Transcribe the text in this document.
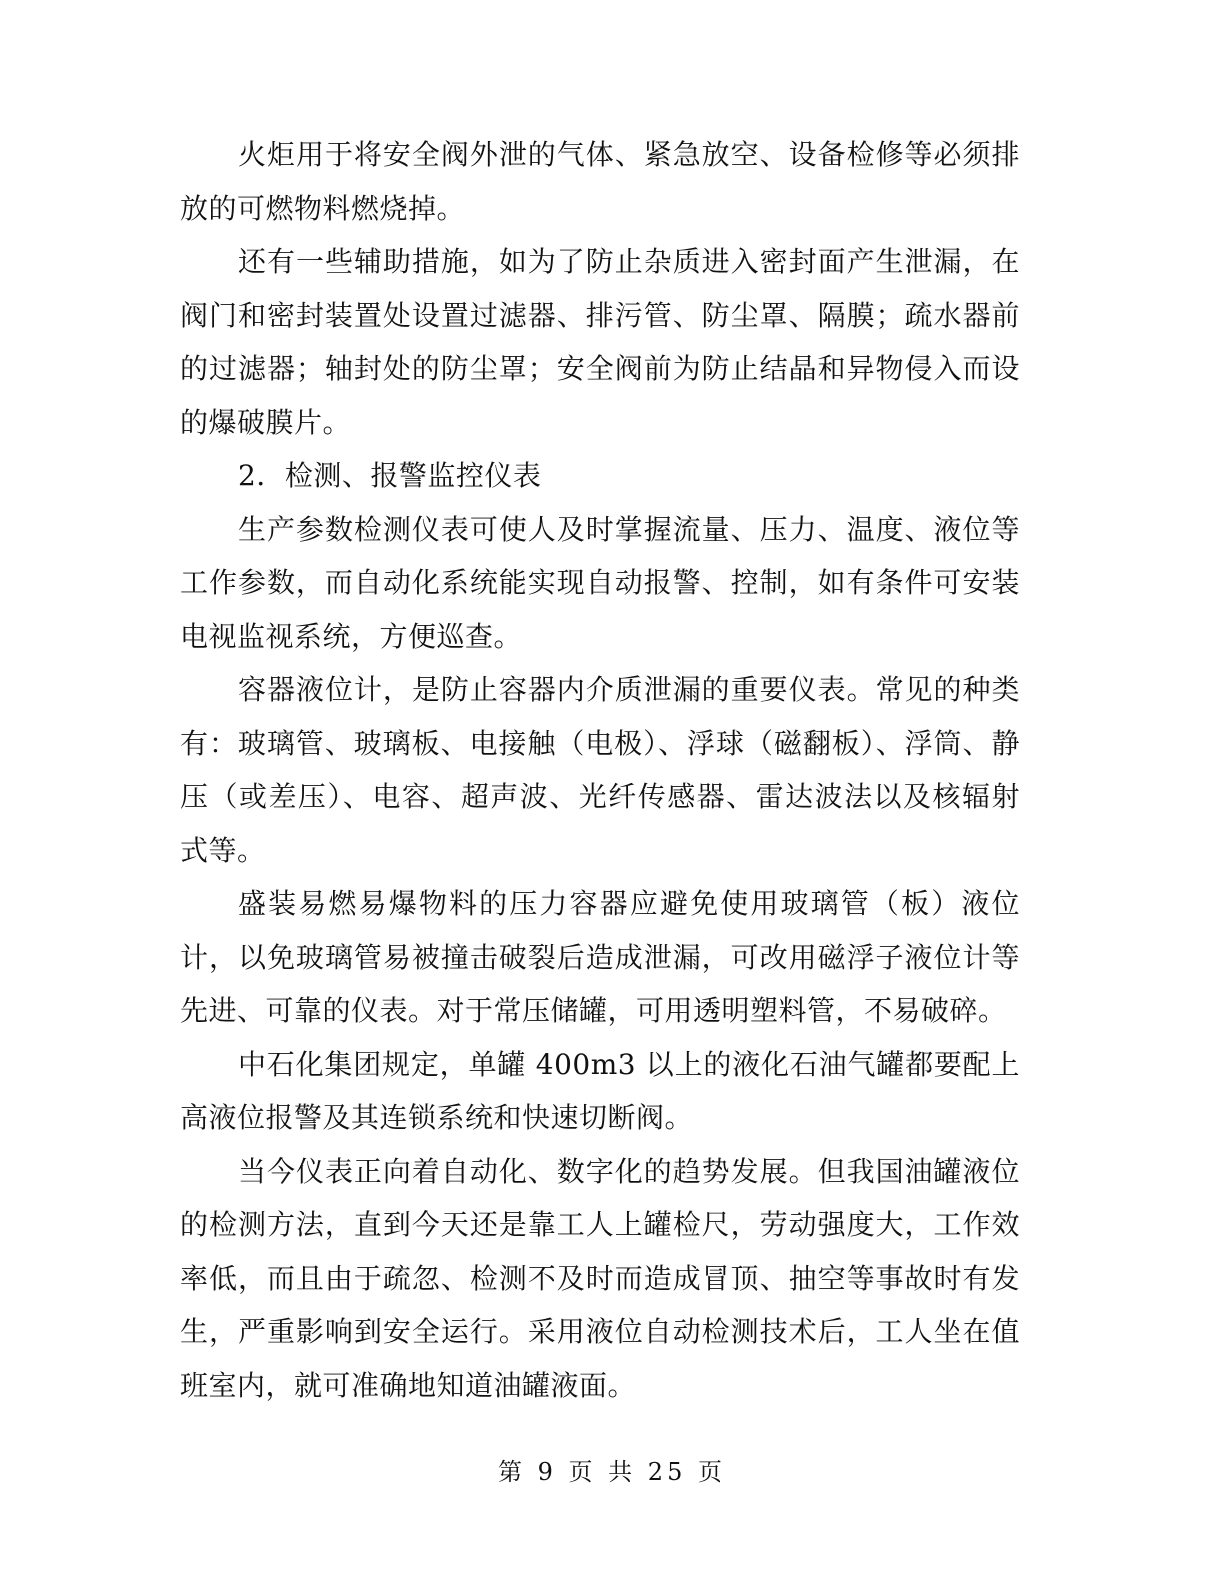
火炬用于将安全阀外泄的气体、紧急放空、设备检修等必须排放的可燃物料燃烧掉。

还有一些辅助措施，如为了防止杂质进入密封面产生泄漏，在阀门和密封装置处设置过滤器、排污管、防尘罩、隔膜；疏水器前的过滤器；轴封处的防尘罩；安全阀前为防止结晶和异物侵入而设的爆破膜片。

2．检测、报警监控仪表

生产参数检测仪表可使人及时掌握流量、压力、温度、液位等工作参数，而自动化系统能实现自动报警、控制，如有条件可安装电视监视系统，方便巡查。

容器液位计，是防止容器内介质泄漏的重要仪表。常见的种类有：玻璃管、玻璃板、电接触（电极）、浮球（磁翻板）、浮筒、静压（或差压）、电容、超声波、光纤传感器、雷达波法以及核辐射式等。

盛装易燃易爆物料的压力容器应避免使用玻璃管（板）液位计，以免玻璃管易被撞击破裂后造成泄漏，可改用磁浮子液位计等先进、可靠的仪表。对于常压储罐，可用透明塑料管，不易破碎。

中石化集团规定，单罐 400m3 以上的液化石油气罐都要配上高液位报警及其连锁系统和快速切断阀。

当今仪表正向着自动化、数字化的趋势发展。但我国油罐液位的检测方法，直到今天还是靠工人上罐检尺，劳动强度大，工作效率低，而且由于疏忽、检测不及时而造成冒顶、抽空等事故时有发生，严重影响到安全运行。采用液位自动检测技术后，工人坐在值班室内，就可准确地知道油罐液面。

第 9 页 共 25 页
